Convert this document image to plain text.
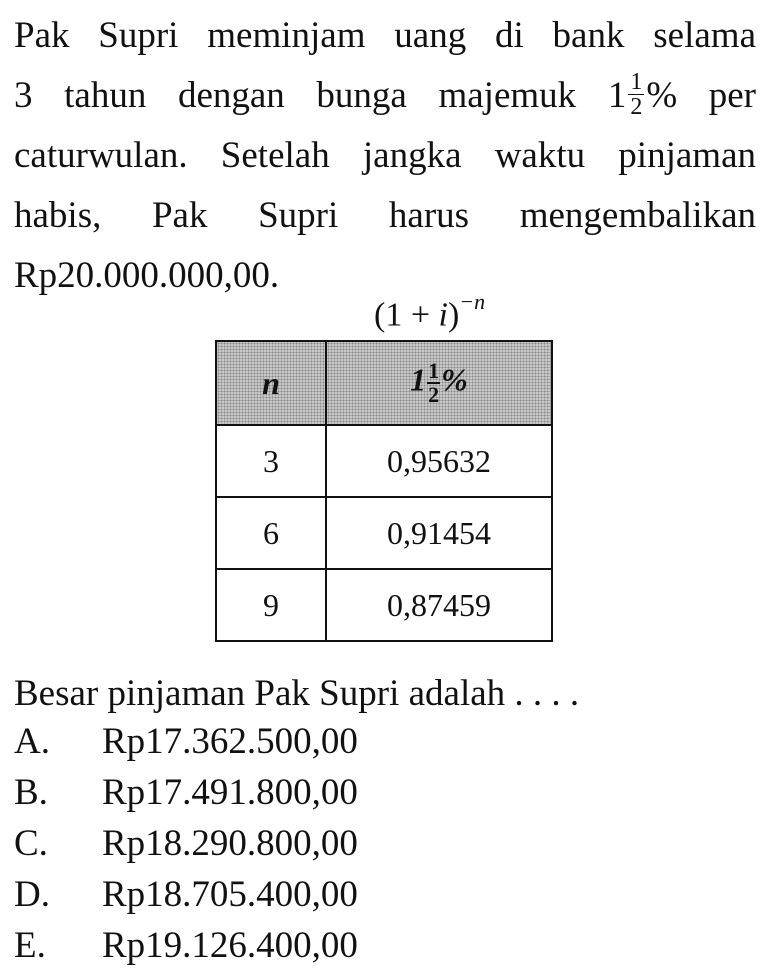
Pak Supri meminjam uang di bank selama
3 tahun dengan bunga majemuk $1 \frac{1}{2}$ % per
caturwulan. Setelah jangka waktu pinjaman
habis, Pak Supri harus mengembalikan
Rp20.000.000,00.
$(1 + i)^{-n}$
n	$1 \frac{1}{2}$ %
3	0,95632
6	0,91454
9	0,87459

Besar pinjaman Pak Supri adalah . . . .

A. Rp17.362.500,00
B. Rp17.491.800,00
C. Rp18.290.800,00
D. Rp18.705.400,00
E. Rp19.126.400,00
